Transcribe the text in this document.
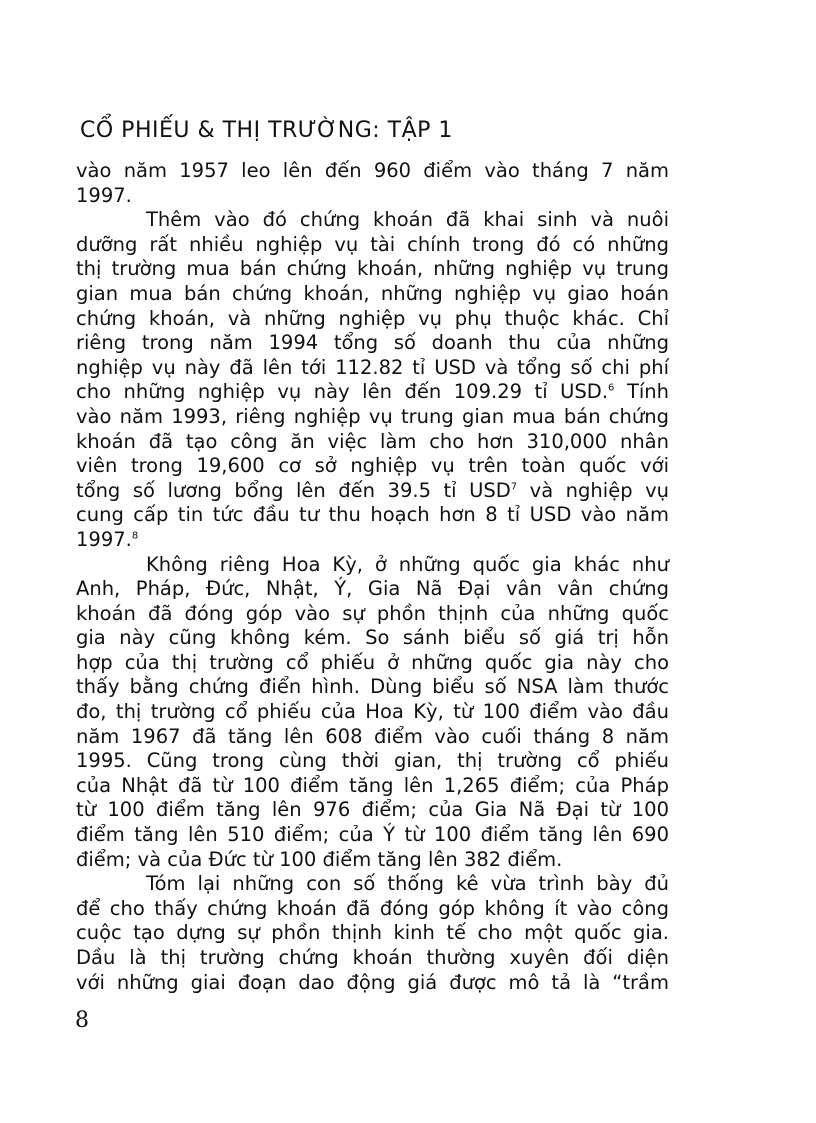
CỔ PHIẾU & THỊ TRƯỜNG: TẬP 1
vào năm 1957 leo lên đến 960 điểm vào tháng 7 năm
1997.
Thêm vào đó chứng khoán đã khai sinh và nuôi
dưỡng rất nhiều nghiệp vụ tài chính trong đó có những
thị trường mua bán chứng khoán, những nghiệp vụ trung
gian mua bán chứng khoán, những nghiệp vụ giao hoán
chứng khoán, và những nghiệp vụ phụ thuộc khác. Chỉ
riêng trong năm 1994 tổng số doanh thu của những
nghiệp vụ này đã lên tới 112.82 tỉ USD và tổng số chi phí
cho những nghiệp vụ này lên đến 109.29 tỉ USD.$^6$ Tính
vào năm 1993, riêng nghiệp vụ trung gian mua bán chứng
khoán đã tạo công ăn việc làm cho hơn 310,000 nhân
viên trong 19,600 cơ sở nghiệp vụ trên toàn quốc với
tổng số lương bổng lên đến 39.5 tỉ USD$^7$ và nghiệp vụ
cung cấp tin tức đầu tư thu hoạch hơn 8 tỉ USD vào năm
1997.$^8$
Không riêng Hoa Kỳ, ở những quốc gia khác như
Anh, Pháp, Đức, Nhật, Ý, Gia Nã Đại vân vân chứng
khoán đã đóng góp vào sự phồn thịnh của những quốc
gia này cũng không kém. So sánh biểu số giá trị hỗn
hợp của thị trường cổ phiếu ở những quốc gia này cho
thấy bằng chứng điển hình. Dùng biểu số NSA làm thước
đo, thị trường cổ phiếu của Hoa Kỳ, từ 100 điểm vào đầu
năm 1967 đã tăng lên 608 điểm vào cuối tháng 8 năm
1995. Cũng trong cùng thời gian, thị trường cổ phiếu
của Nhật đã từ 100 điểm tăng lên 1,265 điểm; của Pháp
từ 100 điểm tăng lên 976 điểm; của Gia Nã Đại từ 100
điểm tăng lên 510 điểm; của Ý từ 100 điểm tăng lên 690
điểm; và của Đức từ 100 điểm tăng lên 382 điểm.
Tóm lại những con số thống kê vừa trình bày đủ
để cho thấy chứng khoán đã đóng góp không ít vào công
cuộc tạo dựng sự phồn thịnh kinh tế cho một quốc gia.
Dầu là thị trường chứng khoán thường xuyên đối diện
với những giai đoạn dao động giá được mô tả là “trầm
8
